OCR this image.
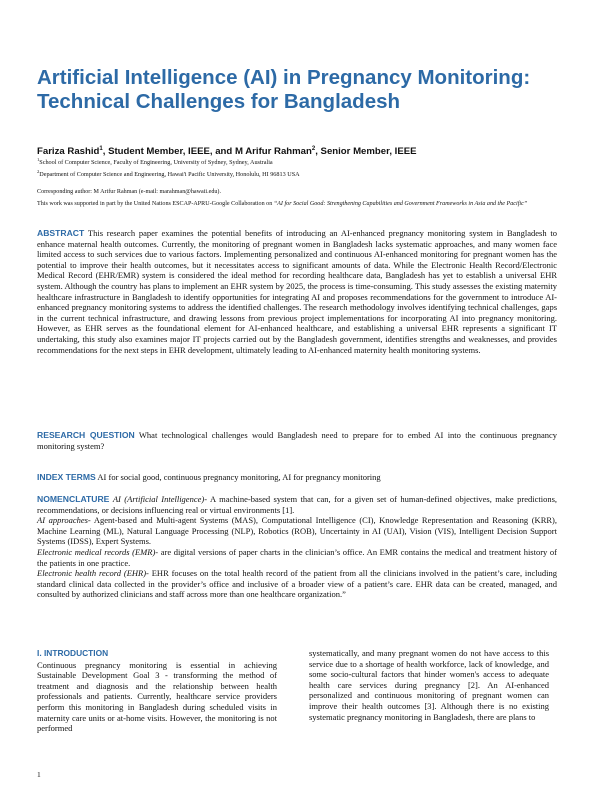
Artificial Intelligence (AI) in Pregnancy Monitoring: Technical Challenges for Bangladesh

Fariza Rashid$^1$, Student Member, IEEE, and M Arifur Rahman$^2$, Senior Member, IEEE

$^1$School of Computer Science, Faculty of Engineering, University of Sydney, Sydney, Australia

$^2$Department of Computer Science and Engineering, Hawai'i Pacific University, Honolulu, HI 96813 USA

Corresponding author: M Arifur Rahman (e-mail: marahman@hawaii.edu).

This work was supported in part by the United Nations ESCAP-APRU-Google Collaboration on “AI for Social Good: Strengthening Capabilities and Government Frameworks in Asia and the Pacific”

ABSTRACT This research paper examines the potential benefits of introducing an AI-enhanced pregnancy monitoring system in Bangladesh to enhance maternal health outcomes. Currently, the monitoring of pregnant women in Bangladesh lacks systematic approaches, and many women face limited access to such services due to various factors. Implementing personalized and continuous AI-enhanced monitoring for pregnant women has the potential to improve their health outcomes, but it necessitates access to significant amounts of data. While the Electronic Health Record/Electronic Medical Record (EHR/EMR) system is considered the ideal method for recording healthcare data, Bangladesh has yet to establish a universal EHR system. Although the country has plans to implement an EHR system by 2025, the process is time-consuming. This study assesses the existing maternity healthcare infrastructure in Bangladesh to identify opportunities for integrating AI and proposes recommendations for the government to introduce AI-enhanced pregnancy monitoring systems to address the identified challenges. The research methodology involves identifying technical challenges, gaps in the current technical infrastructure, and drawing lessons from previous project implementations for incorporating AI into pregnancy monitoring. However, as EHR serves as the foundational element for AI-enhanced healthcare, and establishing a universal EHR represents a significant IT undertaking, this study also examines major IT projects carried out by the Bangladesh government, identifies strengths and weaknesses, and provides recommendations for the next steps in EHR development, ultimately leading to AI-enhanced maternity health monitoring systems.

RESEARCH QUESTION What technological challenges would Bangladesh need to prepare for to embed AI into the continuous pregnancy monitoring system?

INDEX TERMS AI for social good, continuous pregnancy monitoring, AI for pregnancy monitoring

NOMENCLATURE AI (Artificial Intelligence)- A machine-based system that can, for a given set of human-defined objectives, make predictions, recommendations, or decisions influencing real or virtual environments [1].

AI approaches- Agent-based and Multi-agent Systems (MAS), Computational Intelligence (CI), Knowledge Representation and Reasoning (KRR), Machine Learning (ML), Natural Language Processing (NLP), Robotics (ROB), Uncertainty in AI (UAI), Vision (VIS), Intelligent Decision Support Systems (IDSS), Expert Systems.

Electronic medical records (EMR)- are digital versions of paper charts in the clinician’s office. An EMR contains the medical and treatment history of the patients in one practice.

Electronic health record (EHR)- EHR focuses on the total health record of the patient from all the clinicians involved in the patient’s care, including standard clinical data collected in the provider’s office and inclusive of a broader view of a patient’s care. EHR data can be created, managed, and consulted by authorized clinicians and staff across more than one healthcare organization.”

I. INTRODUCTION

Continuous pregnancy monitoring is essential in achieving Sustainable Development Goal 3 - transforming the method of treatment and diagnosis and the relationship between health professionals and patients. Currently, healthcare service providers perform this monitoring in Bangladesh during scheduled visits in maternity care units or at-home visits. However, the monitoring is not performed

systematically, and many pregnant women do not have access to this service due to a shortage of health workforce, lack of knowledge, and some socio-cultural factors that hinder women's access to adequate health care services during pregnancy [2]. An AI-enhanced personalized and continuous monitoring of pregnant women can improve their health outcomes [3]. Although there is no existing systematic pregnancy monitoring in Bangladesh, there are plans to

1
